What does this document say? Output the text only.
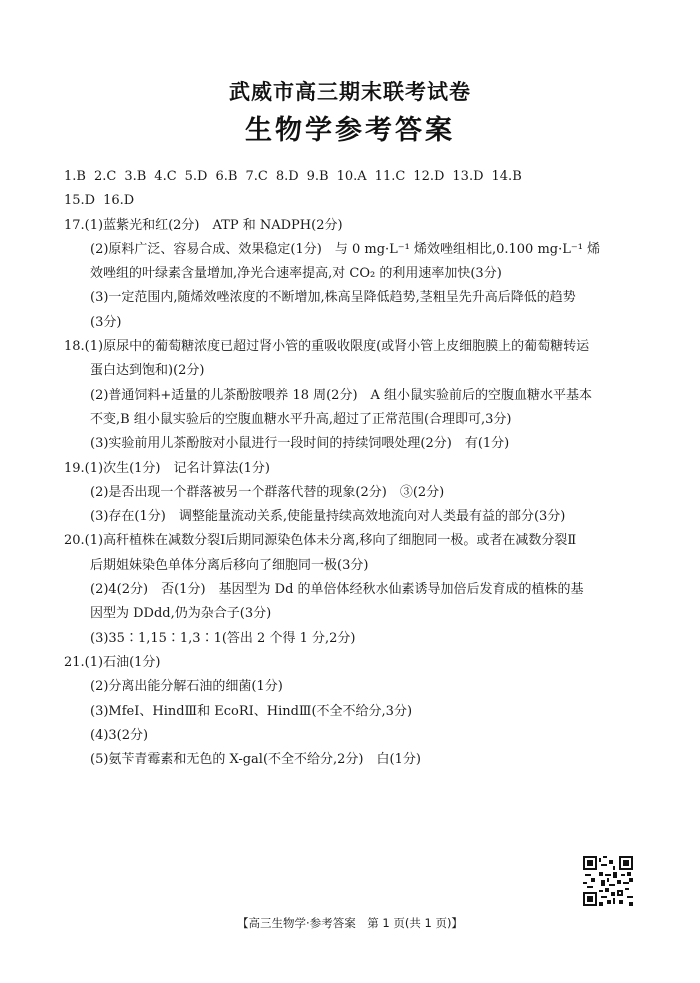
武威市高三期末联考试卷
生物学参考答案
1.B 2.C 3.B 4.C 5.D 6.B 7.C 8.D 9.B 10.A 11.C 12.D 13.D 14.B
15.D 16.D
17.(1)蓝紫光和红(2分)　ATP 和 NADPH(2分)
(2)原料广泛、容易合成、效果稳定(1分)　与 0 mg·L⁻¹ 烯效唑组相比,0.100 mg·L⁻¹ 烯
效唑组的叶绿素含量增加,净光合速率提高,对 CO₂ 的利用速率加快(3分)
(3)一定范围内,随烯效唑浓度的不断增加,株高呈降低趋势,茎粗呈先升高后降低的趋势
(3分)
18.(1)原尿中的葡萄糖浓度已超过肾小管的重吸收限度(或肾小管上皮细胞膜上的葡萄糖转运
蛋白达到饱和)(2分)
(2)普通饲料+适量的儿茶酚胺喂养 18 周(2分)　A 组小鼠实验前后的空腹血糖水平基本
不变,B 组小鼠实验后的空腹血糖水平升高,超过了正常范围(合理即可,3分)
(3)实验前用儿茶酚胺对小鼠进行一段时间的持续饲喂处理(2分)　有(1分)
19.(1)次生(1分)　记名计算法(1分)
(2)是否出现一个群落被另一个群落代替的现象(2分)　③(2分)
(3)存在(1分)　调整能量流动关系,使能量持续高效地流向对人类最有益的部分(3分)
20.(1)高秆植株在减数分裂Ⅰ后期同源染色体未分离,移向了细胞同一极。或者在减数分裂Ⅱ
后期姐妹染色单体分离后移向了细胞同一极(3分)
(2)4(2分)　否(1分)　基因型为 Dd 的单倍体经秋水仙素诱导加倍后发育成的植株的基
因型为 DDdd,仍为杂合子(3分)
(3)35∶1,15∶1,3∶1(答出 2 个得 1 分,2分)
21.(1)石油(1分)
(2)分离出能分解石油的细菌(1分)
(3)MfeⅠ、HindⅢ和 EcoRⅠ、HindⅢ(不全不给分,3分)
(4)3(2分)
(5)氨苄青霉素和无色的 X-gal(不全不给分,2分)　白(1分)
【高三生物学·参考答案　第 1 页(共 1 页)】
